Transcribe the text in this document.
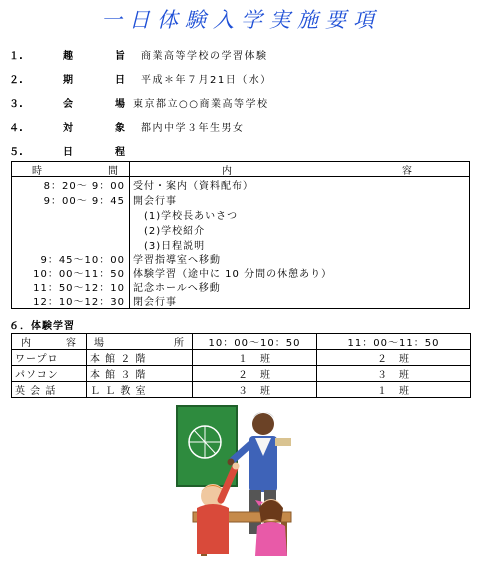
一日体験入学実施要項
１.	趣	旨 商業高等学校の学習体験
２.	期	日 平成＊年７月21日（水）
３.	会	場 東京都立○○商業高等学校
４.	対	象 都内中学３年生男女
５.	日	程
時	間	内	容
8：20～ 9：00 受付・案内（資料配布）
9：00～ 9：45 開会行事
(1)学校長あいさつ
(2)学校紹介
(3)日程説明
9：45～10：00 学習指導室へ移動
10：00～11：50 体験学習（途中に 10 分間の休憩あり）
11：50～12：10 記念ホールへ移動
12：10～12：30 閉会行事
６．体験学習
内 容	場 所	10：00～10：50	11：00～11：50
ワープロ	本 館 ２ 階	１　班	２　班
パソコン	本 館 ３ 階	２　班	３　班
英 会 話	Ｌ Ｌ 教 室	３　班	１　班
